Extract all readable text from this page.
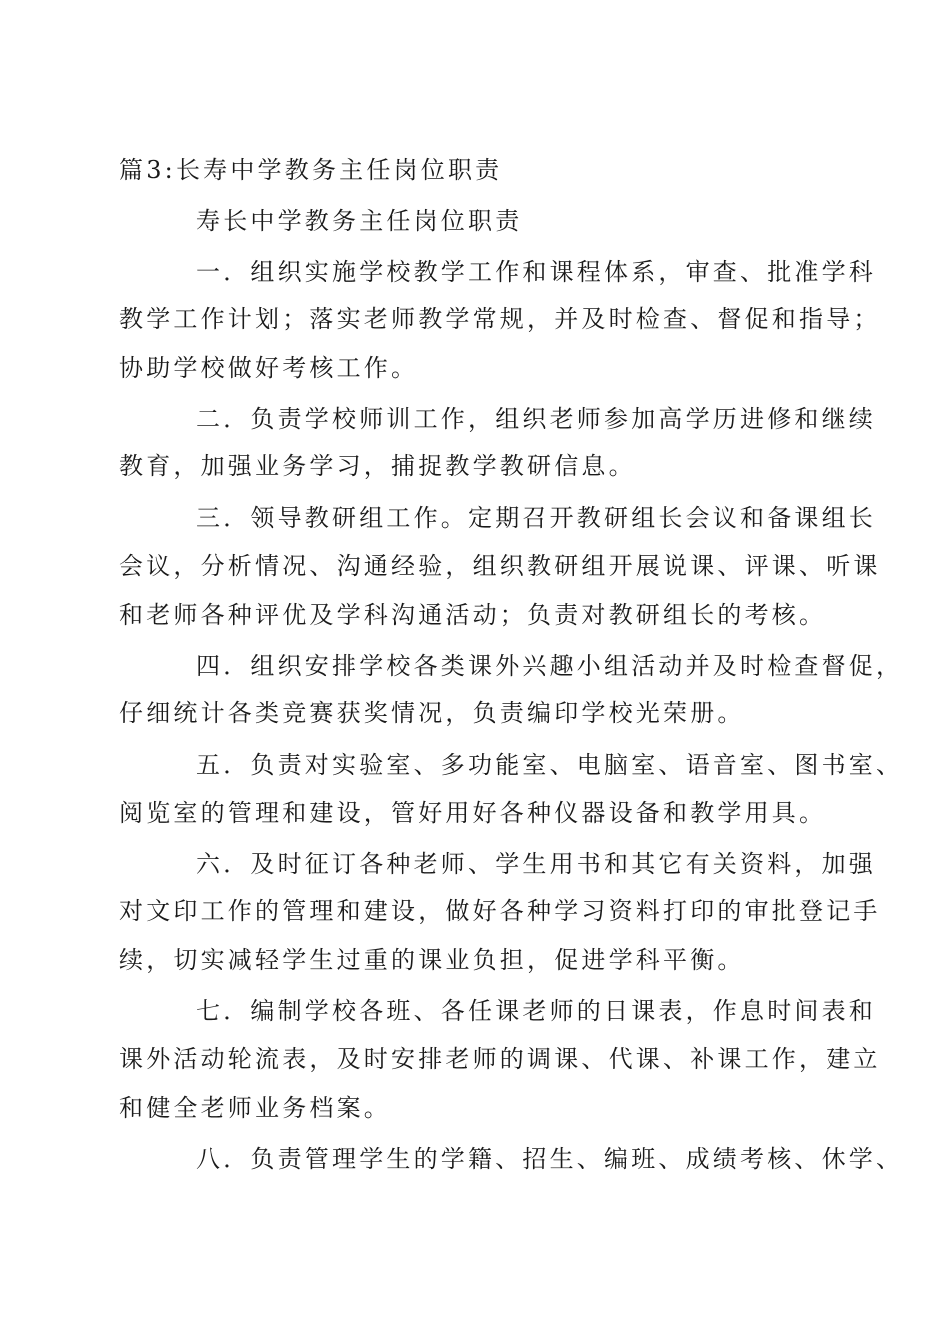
篇3:长寿中学教务主任岗位职责

寿长中学教务主任岗位职责

一．组织实施学校教学工作和课程体系，审查、批准学科

教学工作计划；落实老师教学常规，并及时检查、督促和指导；

协助学校做好考核工作。

二．负责学校师训工作，组织老师参加高学历进修和继续

教育，加强业务学习，捕捉教学教研信息。

三．领导教研组工作。定期召开教研组长会议和备课组长

会议，分析情况、沟通经验，组织教研组开展说课、评课、听课

和老师各种评优及学科沟通活动；负责对教研组长的考核。

四．组织安排学校各类课外兴趣小组活动并及时检查督促，

仔细统计各类竞赛获奖情况，负责编印学校光荣册。

五．负责对实验室、多功能室、电脑室、语音室、图书室、

阅览室的管理和建设，管好用好各种仪器设备和教学用具。

六．及时征订各种老师、学生用书和其它有关资料，加强

对文印工作的管理和建设，做好各种学习资料打印的审批登记手

续，切实减轻学生过重的课业负担，促进学科平衡。

七．编制学校各班、各任课老师的日课表，作息时间表和

课外活动轮流表，及时安排老师的调课、代课、补课工作，建立

和健全老师业务档案。

八．负责管理学生的学籍、招生、编班、成绩考核、休学、
